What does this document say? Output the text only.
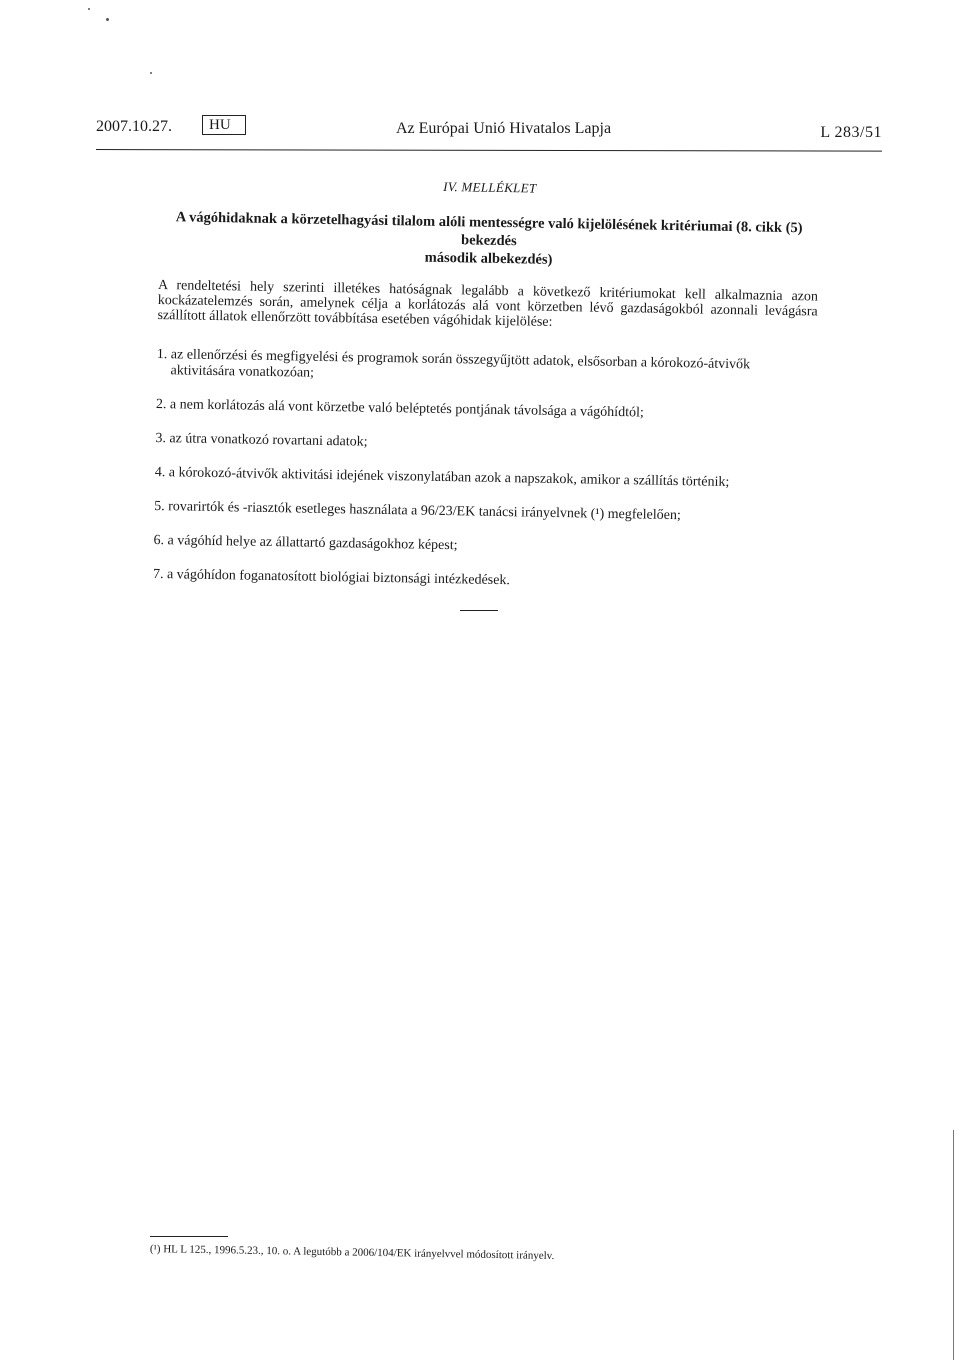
2007.10.27.	HU	Az Európai Unió Hivatalos Lapja	L 283/51
IV. MELLÉKLET
A vágóhidaknak a körzetelhagyási tilalom alóli mentességre való kijelölésének kritériumai (8. cikk (5) bekezdés
második albekezdés)

A rendeltetési hely szerinti illetékes hatóságnak legalább a következő kritériumokat kell alkalmaznia azon kockázatelemzés során, amelynek célja a korlátozás alá vont körzetben lévő gazdaságokból azonnali levágásra szállított állatok ellenőrzött továbbítása esetében vágóhidak kijelölése:

1. az ellenőrzési és megfigyelési és programok során összegyűjtött adatok, elsősorban a kórokozó-átvivők aktivitására vonatkozóan;
2. a nem korlátozás alá vont körzetbe való beléptetés pontjának távolsága a vágóhídtól;
3. az útra vonatkozó rovartani adatok;
4. a kórokozó-átvivők aktivitási idejének viszonylatában azok a napszakok, amikor a szállítás történik;
5. rovarirtók és -riasztók esetleges használata a 96/23/EK tanácsi irányelvnek (¹) megfelelően;
6. a vágóhíd helye az állattartó gazdaságokhoz képest;
7. a vágóhídon foganatosított biológiai biztonsági intézkedések.
(¹) HL L 125., 1996.5.23., 10. o. A legutóbb a 2006/104/EK irányelvvel módosított irányelv.
